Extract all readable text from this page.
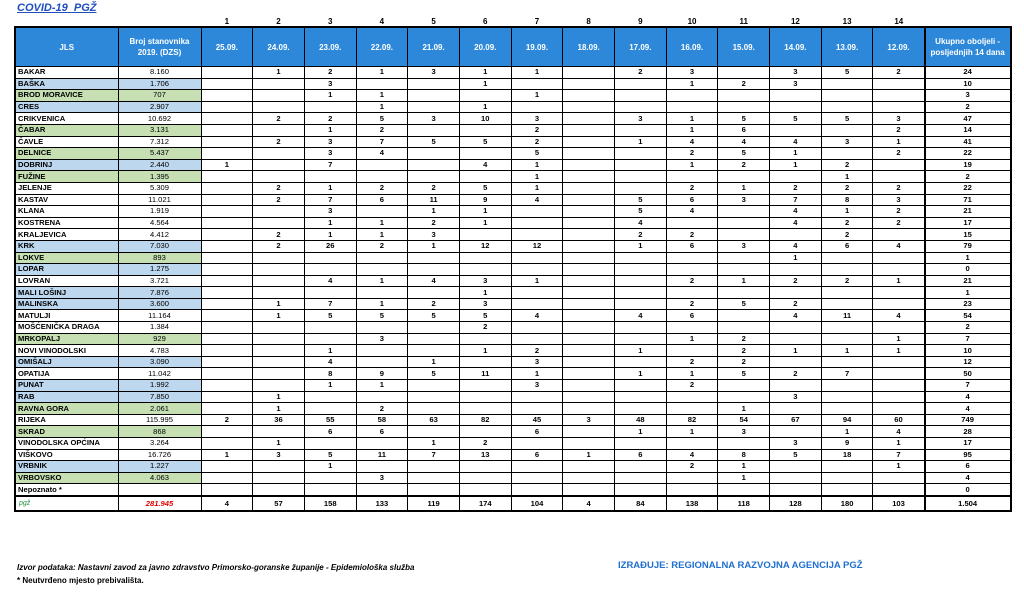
COVID-19_PGŽ
		1	2	3	4	5	6	7	8	9	10	11	12	13	14	
JLS	Broj stanovnika 2019. (DZS)	25.09.	24.09.	23.09.	22.09.	21.09.	20.09.	19.09.	18.09.	17.09.	16.09.	15.09.	14.09.	13.09.	12.09.	Ukupno oboljeli - posljednjih 14 dana
BAKAR	8.160		1	2	1	3	1	1		2	3		3	5	2	24
BAŠKA	1.706			3			1				1	2	3			10
BROD MORAVICE	707			1	1			1								3
CRES	2.907				1		1									2
CRIKVENICA	10.692		2	2	5	3	10	3		3	1	5	5	5	3	47
ČABAR	3.131			1	2			2			1	6			2	14
ČAVLE	7.312		2	3	7	5	5	2		1	4	4	4	3	1	41
DELNICE	5.437			3	4			5			2	5	1		2	22
DOBRINJ	2.440	1		7			4	1			1	2	1	2		19
FUŽINE	1.395							1						1		2
JELENJE	5.309		2	1	2	2	5	1			2	1	2	2	2	22
KASTAV	11.021		2	7	6	11	9	4		5	6	3	7	8	3	71
KLANA	1.919			3		1	1			5	4		4	1	2	21
KOSTRENA	4.564			1	1	2	1			4			4	2	2	17
KRALJEVICA	4.412		2	1	1	3				2	2			2		15
KRK	7.030		2	26	2	1	12	12		1	6	3	4	6	4	79
LOKVE	893												1			1
LOPAR	1.275															0
LOVRAN	3.721			4	1	4	3	1			2	1	2	2	1	21
MALI LOŠINJ	7.876						1									1
MALINSKA	3.600		1	7	1	2	3				2	5	2			23
MATULJI	11.164		1	5	5	5	5	4		4	6		4	11	4	54
MOŠĆENIČKA DRAGA	1.384						2									2
MRKOPALJ	929				3						1	2			1	7
NOVI VINODOLSKI	4.783			1			1	2		1		2	1	1	1	10
OMIŠALJ	3.090			4		1		3			2	2				12
OPATIJA	11.042			8	9	5	11	1		1	1	5	2	7		50
PUNAT	1.992			1	1			3			2					7
RAB	7.850		1										3			4
RAVNA GORA	2.061		1		2							1				4
RIJEKA	115.995	2	36	55	58	63	82	45	3	48	82	54	67	94	60	749
SKRAD	868			6	6			6		1	1	3		1	4	28
VINODOLSKA OPĆINA	3.264		1			1	2						3	9	1	17
VIŠKOVO	16.726	1	3	5	11	7	13	6	1	6	4	8	5	18	7	95
VRBNIK	1.227			1							2	1			1	6
VRBOVSKO	4.063				3							1				4
Nepoznato *																0
pgž	281.945	4	57	158	133	119	174	104	4	84	138	118	128	180	103	1.504
Izvor podataka: Nastavni zavod za javno zdravstvo Primorsko-goranske županije - Epidemiološka služba
* Neutvrđeno mjesto prebivališta.
IZRAĐUJE: REGIONALNA RAZVOJNA AGENCIJA PGŽ
